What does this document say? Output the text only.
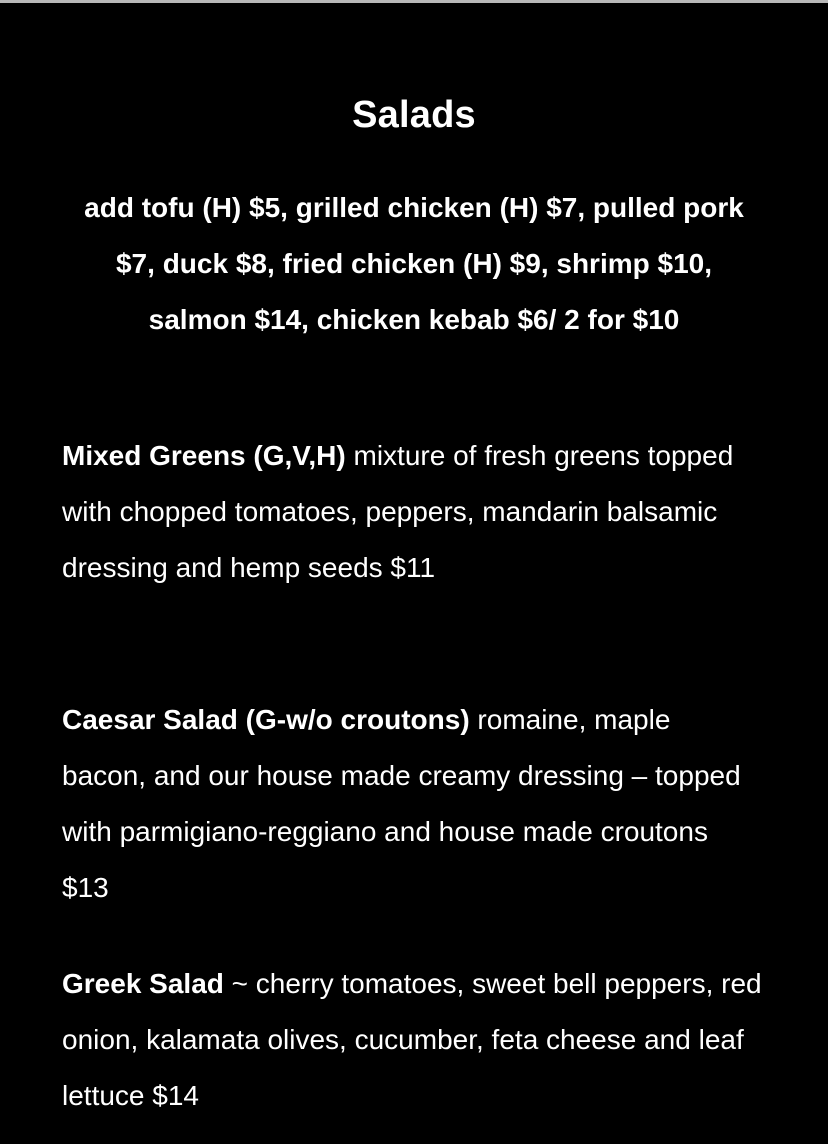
Salads

add tofu (H) $5, grilled chicken (H) $7, pulled pork $7, duck $8, fried chicken (H) $9, shrimp $10, salmon $14, chicken kebab $6/ 2 for $10

Mixed Greens (G,V,H) mixture of fresh greens topped with chopped tomatoes, peppers, mandarin balsamic dressing and hemp seeds $11

Caesar Salad (G-w/o croutons) romaine, maple bacon, and our house made creamy dressing – topped with parmigiano-reggiano and house made croutons $13

Greek Salad ~ cherry tomatoes, sweet bell peppers, red onion, kalamata olives, cucumber, feta cheese and leaf lettuce $14
